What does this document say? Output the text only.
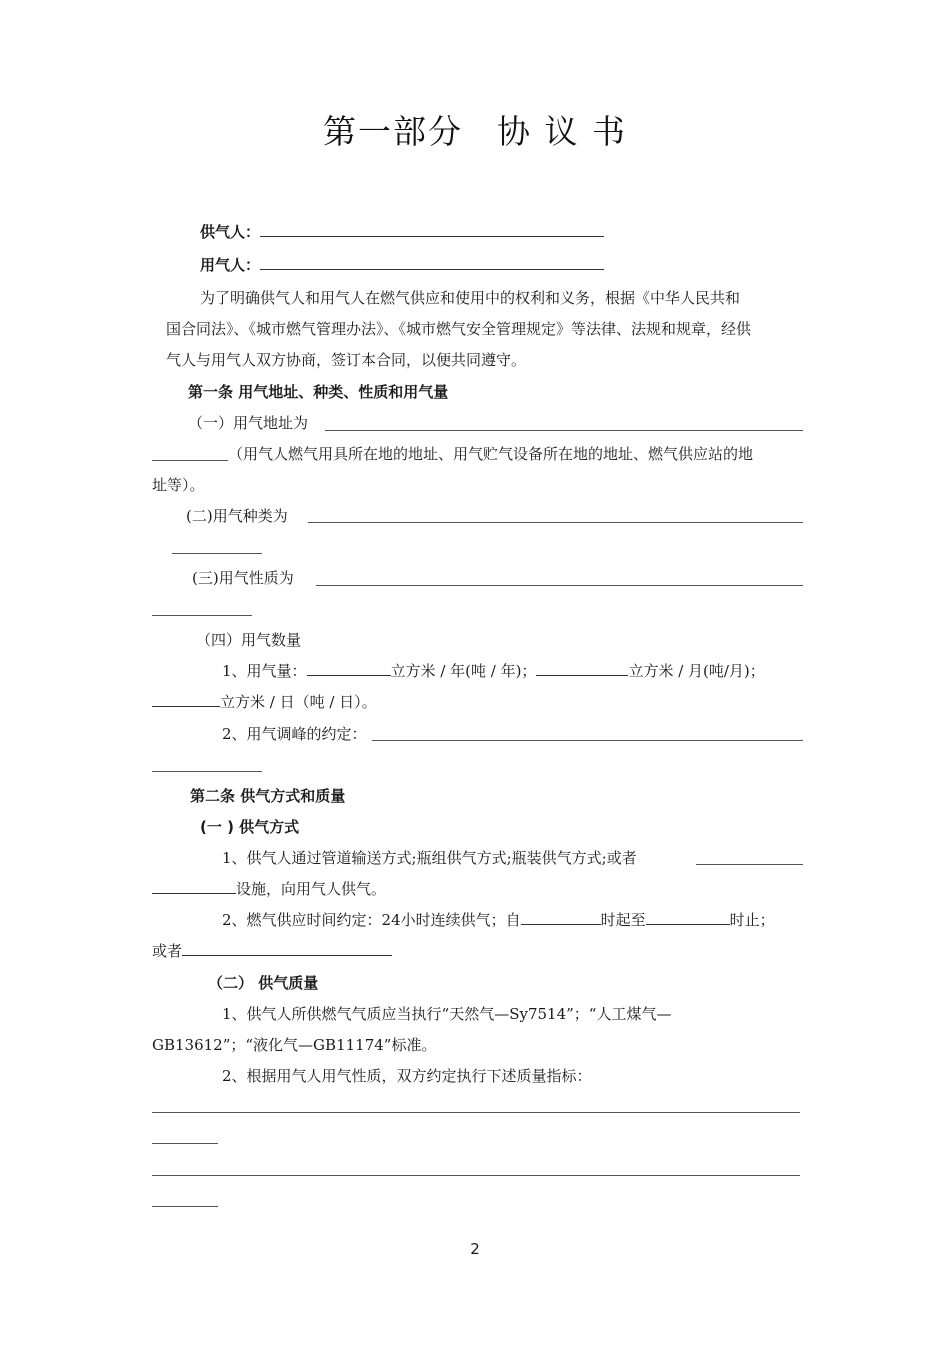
第一部分 协 议 书
供气人：
用气人：
为了明确供气人和用气人在燃气供应和使用中的权利和义务，根据《中华人民共和
国合同法》、《城市燃气管理办法》、《城市燃气安全管理规定》等法律、法规和规章，经供
气人与用气人双方协商，签订本合同，以便共同遵守。
第一条 用气地址、种类、性质和用气量
（一）用气地址为
（用气人燃气用具所在地的地址、用气贮气设备所在地的地址、燃气供应站的地
址等）。
(二)用气种类为
(三)用气性质为
（四）用气数量
1、用气量：	立方米 / 年(吨 / 年)；	立方米 / 月(吨/月)；
立方米 / 日（吨 / 日）。
2、用气调峰的约定：
第二条 供气方式和质量
(一 ) 供气方式
1、供气人通过管道输送方式;瓶组供气方式;瓶装供气方式;或者
设施，向用气人供气。
2、燃气供应时间约定：24小时连续供气；自	时起至	时止；
或者
（二） 供气质量
1、供气人所供燃气气质应当执行“天然气—Sy7514”；“人工煤气—
GB13612”；“液化气—GB11174”标准。
2、根据用气人用气性质，双方约定执行下述质量指标：
2
